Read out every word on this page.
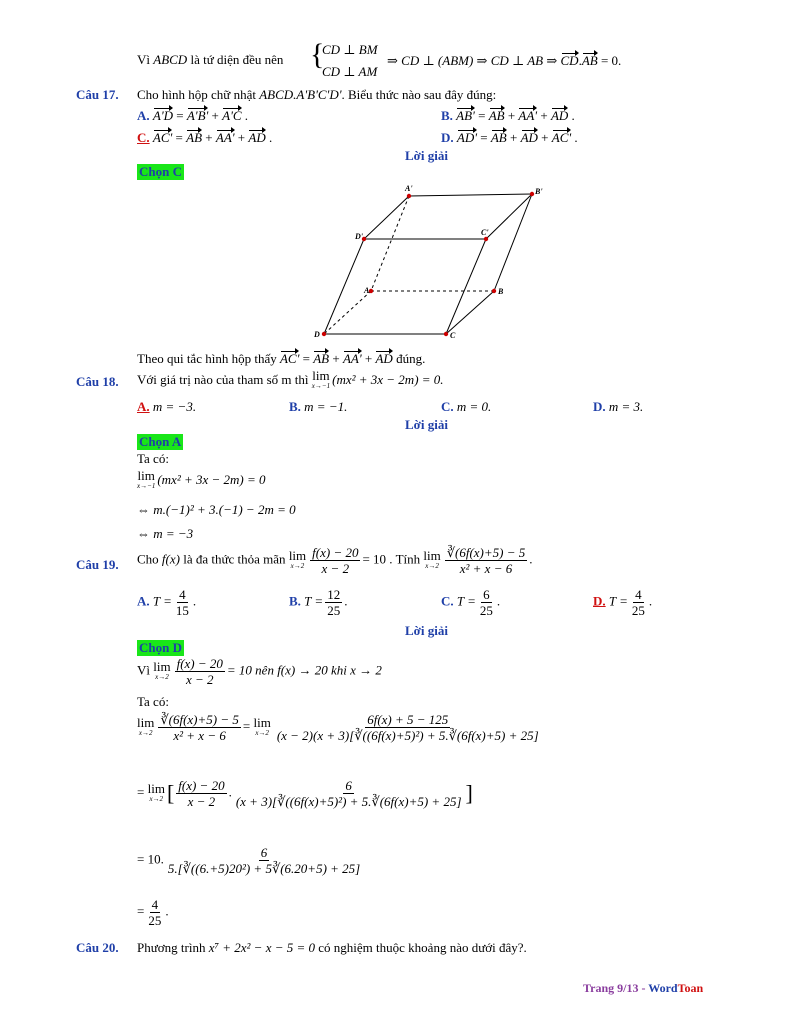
Vì ABCD là tứ diện đều nên {
CD ⊥ BM
CD ⊥ AM
⇒ CD ⊥ (ABM) ⇒ CD ⊥ AB ⇒ CD.AB = 0.
Câu 17. Cho hình hộp chữ nhật ABCD.A'B'C'D'. Biểu thức nào sau đây đúng:
A. A'D = A'B' + A'C .	B. AB' = AB + AA' + AD .
C. AC' = AB + AA' + AD .	D. AD' = AB + AD + AC' .
Lời giải
Chọn C
A'	B'
D'	C'
A	B
D	C
Theo qui tắc hình hộp thấy AC' = AB + AA' + AD đúng.
Câu 18. Với giá trị nào của tham số m thì lim
x→−1 (mx² + 3x − 2m) = 0.
A. m = −3.	B. m = −1.	C. m = 0.	D. m = 3.
Lời giải
Chọn A
Ta có:
lim
x→−1 (mx² + 3x − 2m) = 0
⇔ m.(−1)² + 3.(−1) − 2m = 0
⇔ m = −3
Câu 19. Cho f(x) là đa thức thỏa mãn lim
$x\to 2 \frac{f(x) - 20}{x - 2} = 10$ . Tính lim
$x\to 2 \frac{∛(6f(x)+5) - 5}{\text{x² + x − 6}}$ .
A. $T = \frac{4}{15}$ .	B. $T = \frac{12}{25}$ .	C. $T = \frac{6}{25}$ .	D. $T = \frac{4}{25}$ .
Lời giải
Chọn D
Vì lim
$x\to 2 \frac{f(x) - 20}{x - 2} = 10$ nên f(x) → 20 khi x → 2
Ta có:
lim
$x\to 2 \frac{∛(6f(x)+5) - 5}{\text{x² + x − 6}} = \lim$
$x\to 2 \frac{6f(x) + 5 - 125}{\text{(x − 2)(x + 3)[∛((6f(x)+5)²) + 5.∛(6f(x)+5) + 25]}}$
= lim
x→2 [ $\frac{f(x) - 20}{x - 2}$ . $\frac{6}{\text{(x + 3)[∛((6f(x)+5)²) + 5.∛(6f(x)+5) + 25]}}$ ]
= 10. $\frac{6}{\text{5.[∛((6.+5)20²) + 5∛(6.20+5) + 25]}}$
= $\frac{4}{25}$ .
Câu 20. Phương trình x⁷ + 2x² − x − 5 = 0 có nghiệm thuộc khoảng nào dưới đây?.
Trang 9/13 - WordToan
